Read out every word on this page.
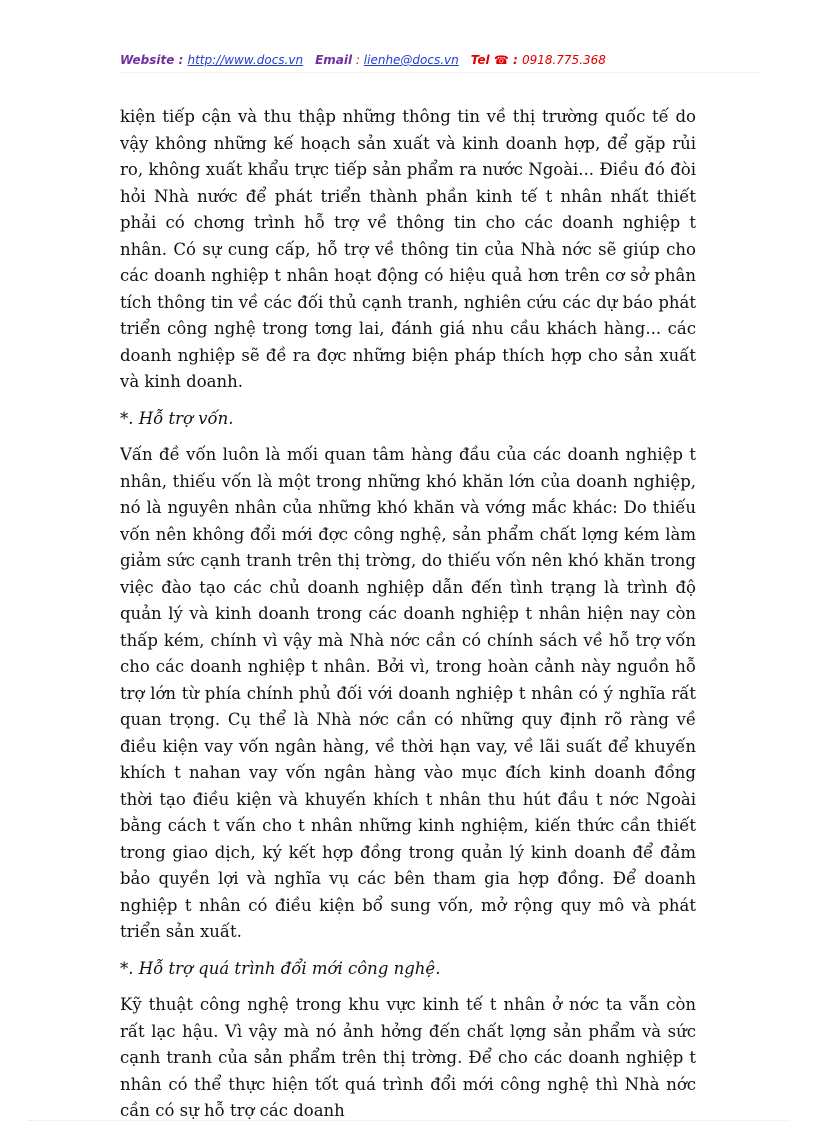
Website : http://www.docs.vn Email : lienhe@docs.vn Tel ☎ : 0918.775.368

kiện tiếp cận và thu thập những thông tin về thị trường quốc tế do vậy không những kế hoạch sản xuất và kinh doanh hợp, để gặp rủi ro, không xuất khẩu trực tiếp sản phẩm ra nước Ngoài... Điều đó đòi hỏi Nhà nước để phát triển thành phần kinh tế t nhân nhất thiết phải có chơng trình hỗ trợ về thông tin cho các doanh nghiệp t nhân. Có sự cung cấp, hỗ trợ về thông tin của Nhà nớc sẽ giúp cho các doanh nghiệp t nhân hoạt động có hiệu quả hơn trên cơ sở phân tích thông tin về các đối thủ cạnh tranh, nghiên cứu các dự báo phát triển công nghệ trong tơng lai, đánh giá nhu cầu khách hàng... các doanh nghiệp sẽ đề ra đợc những biện pháp thích hợp cho sản xuất và kinh doanh.

*. Hỗ trợ vốn.

Vấn đề vốn luôn là mối quan tâm hàng đầu của các doanh nghiệp t nhân, thiếu vốn là một trong những khó khăn lớn của doanh nghiệp, nó là nguyên nhân của những khó khăn và vớng mắc khác: Do thiếu vốn nên không đổi mới đợc công nghệ, sản phẩm chất lợng kém làm giảm sức cạnh tranh trên thị trờng, do thiếu vốn nên khó khăn trong việc đào tạo các chủ doanh nghiệp dẫn đến tình trạng là trình độ quản lý và kinh doanh trong các doanh nghiệp t nhân hiện nay còn thấp kém, chính vì vậy mà Nhà nớc cần có chính sách về hỗ trợ vốn cho các doanh nghiệp t nhân. Bởi vì, trong hoàn cảnh này nguồn hỗ trợ lớn từ phía chính phủ đối với doanh nghiệp t nhân có ý nghĩa rất quan trọng. Cụ thể là Nhà nớc cần có những quy định rõ ràng về điều kiện vay vốn ngân hàng, về thời hạn vay, về lãi suất để khuyến khích t nahan vay vốn ngân hàng vào mục đích kinh doanh đồng thời tạo điều kiện và khuyến khích t nhân thu hút đầu t nớc Ngoài bằng cách t vấn cho t nhân những kinh nghiệm, kiến thức cần thiết trong giao dịch, ký kết hợp đồng trong quản lý kinh doanh để đảm bảo quyền lợi và nghĩa vụ các bên tham gia hợp đồng. Để doanh nghiệp t nhân có điều kiện bổ sung vốn, mở rộng quy mô và phát triển sản xuất.

*. Hỗ trợ quá trình đổi mới công nghệ.

Kỹ thuật công nghệ trong khu vực kinh tế t nhân ở nớc ta vẫn còn rất lạc hậu. Vì vậy mà nó ảnh hởng đến chất lợng sản phẩm và sức cạnh tranh của sản phẩm trên thị trờng. Để cho các doanh nghiệp t nhân có thể thực hiện tốt quá trình đổi mới công nghệ thì Nhà nớc cần có sự hỗ trợ các doanh
